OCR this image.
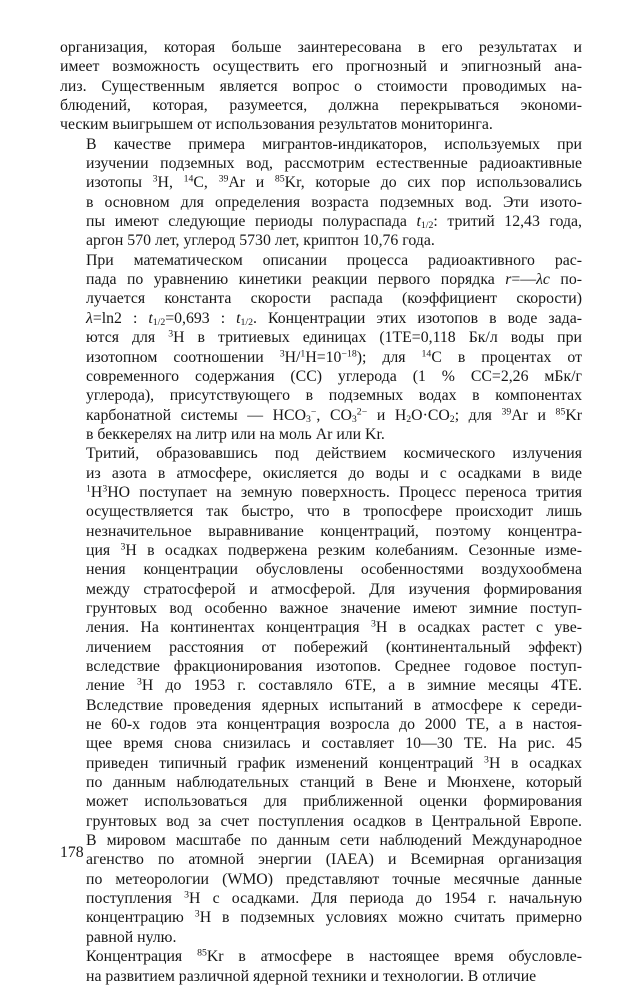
организация, которая больше заинтересована в его результатах и
имеет возможность осуществить его прогнозный и эпигнозный ана-
лиз. Существенным является вопрос о стоимости проводимых на-
блюдений, которая, разумеется, должна перекрываться экономи-
ческим выигрышем от использования результатов мониторинга.
В качестве примера мигрантов-индикаторов, используемых при
изучении подземных вод, рассмотрим естественные радиоактивные
изотопы $^3$H, $^{14}$C, $^{39}$Ar и $^{85}$Kr, которые до сих пор использовались
в основном для определения возраста подземных вод. Эти изото-
пы имеют следующие периоды полураспада $t_{1/2}$: тритий 12,43 года,
аргон 570 лет, углерод 5730 лет, криптон 10,76 года.
При математическом описании процесса радиоактивного рас-
пада по уравнению кинетики реакции первого порядка r=—λc по-
лучается константа скорости распада (коэффициент скорости)
λ=ln2 : $t_{1/2}=0,693$ : $t_{1/2}$. Концентрации этих изотопов в воде зада-
ются для $^3$H в тритиевых единицах (1TE=0,118 Бк/л воды при
изотопном соотношении $^3H/^1H=10^{-18}$); для $^{14}$C в процентах от
современного содержания (СС) углерода (1 % СС=2,26 мБк/г
углерода), присутствующего в подземных водах в компонентах
карбонатной системы — $HCO_3^-$, $CO_3^{2-}$ и $H_2O\cdot CO_2$; для $^{39}$Ar и $^{85}$Kr
в беккерелях на литр или на моль Ar или Kr.
Тритий, образовавшись под действием космического излучения
из азота в атмосфере, окисляется до воды и с осадками в виде
$^1H^3HO$ поступает на земную поверхность. Процесс переноса трития
осуществляется так быстро, что в тропосфере происходит лишь
незначительное выравнивание концентраций, поэтому концентра-
ция $^3$H в осадках подвержена резким колебаниям. Сезонные изме-
нения концентрации обусловлены особенностями воздухообмена
между стратосферой и атмосферой. Для изучения формирования
грунтовых вод особенно важное значение имеют зимние поступ-
ления. На континентах концентрация $^3$H в осадках растет с уве-
личением расстояния от побережий (континентальный эффект)
вследствие фракционирования изотопов. Среднее годовое поступ-
ление $^3$H до 1953 г. составляло 6ТЕ, а в зимние месяцы 4ТЕ.
Вследствие проведения ядерных испытаний в атмосфере к середи-
не 60-х годов эта концентрация возросла до 2000 ТЕ, а в настоя-
щее время снова снизилась и составляет 10—30 ТЕ. На рис. 45
приведен типичный график изменений концентраций $^3$H в осадках
по данным наблюдательных станций в Вене и Мюнхене, который
может использоваться для приближенной оценки формирования
грунтовых вод за счет поступления осадков в Центральной Европе.
В мировом масштабе по данным сети наблюдений Международное
агенство по атомной энергии (IAEA) и Всемирная организация
по метеорологии (WMO) представляют точные месячные данные
поступления $^3$H с осадками. Для периода до 1954 г. начальную
концентрацию $^3$H в подземных условиях можно считать примерно
равной нулю.
Концентрация $^{85}$Kr в атмосфере в настоящее время обусловле-
на развитием различной ядерной техники и технологии. В отличие
178
